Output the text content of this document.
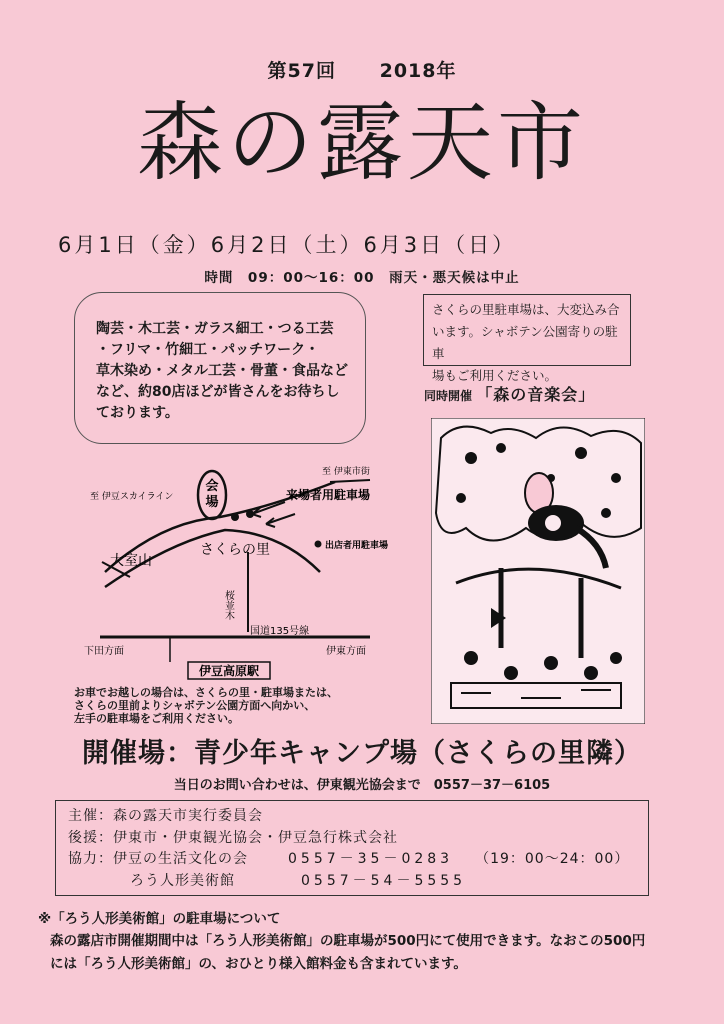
第57回 2018年
森の露天市
6月1日（金）6月2日（土）6月3日（日）
時間　09：00～16：00　雨天・悪天候は中止
陶芸・木工芸・ガラス細工・つる工芸
・フリマ・竹細工・パッチワーク・
草木染め・メタル工芸・骨董・食品など
など、約80店ほどが皆さんをお待ちし
ております。
さくらの里駐車場は、大変込み合
います。シャボテン公園寄りの駐車
場もご利用ください。
同時開催 「森の音楽会」
会
場
至 伊東市街
至 伊豆スカイライン	来場者用駐車場
出店者用駐車場
大室山
さくらの里
桜並木
国道135号線
下田方面	伊東方面
伊豆高原駅
お車でお越しの場合は、さくらの里・駐車場または、
さくらの里前よりシャボテン公園方面へ向かい、
左手の駐車場をご利用ください。
開催場：青少年キャンプ場（さくらの里隣）
当日のお問い合わせは、伊東観光協会まで　0557－37－6105
主催：森の露天市実行委員会
後援：伊東市・伊東観光協会・伊豆急行株式会社
協力：伊豆の生活文化の会	0557－35－0283 （19：00～24：00）
ろう人形美術館	0557－54－5555
※「ろう人形美術館」の駐車場について
森の露店市開催期間中は「ろう人形美術館」の駐車場が500円にて使用できます。なおこの500円
には「ろう人形美術館」の、おひとり様入館料金も含まれています。
